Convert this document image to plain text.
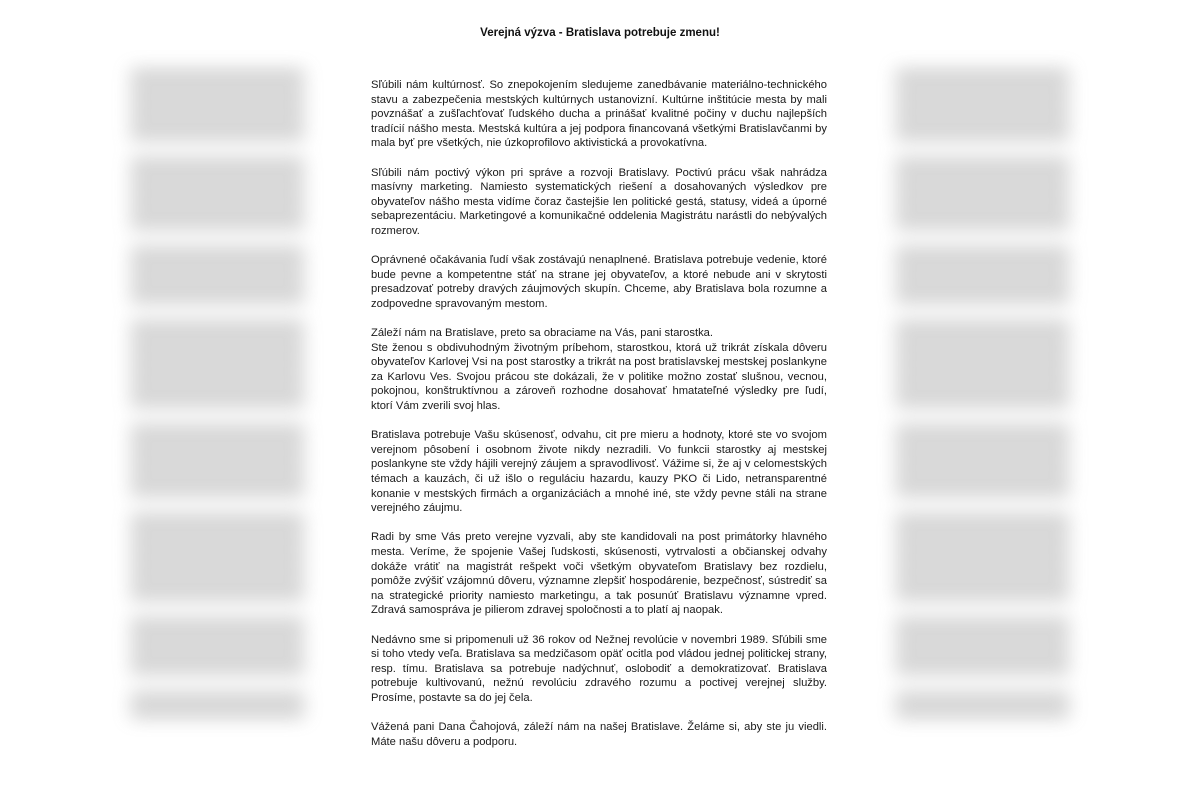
Verejná výzva - Bratislava potrebuje zmenu!

Sľúbili nám kultúrnosť. So znepokojením sledujeme zanedbávanie materiálno-technického stavu a zabezpečenia mestských kultúrnych ustanovizní. Kultúrne inštitúcie mesta by mali povznášať a zušľachťovať ľudského ducha a prinášať kvalitné počiny v duchu najlepších tradícií nášho mesta. Mestská kultúra a jej podpora financovaná všetkými Bratislavčanmi by mala byť pre všetkých, nie úzkoprofilovo aktivistická a provokatívna.

Sľúbili nám poctivý výkon pri správe a rozvoji Bratislavy. Poctivú prácu však nahrádza masívny marketing. Namiesto systematických riešení a dosahovaných výsledkov pre obyvateľov nášho mesta vidíme čoraz častejšie len politické gestá, statusy, videá a úporné sebaprezentáciu. Marketingové a komunikačné oddelenia Magistrátu narástli do nebývalých rozmerov.

Oprávnené očakávania ľudí však zostávajú nenaplnené. Bratislava potrebuje vedenie, ktoré bude pevne a kompetentne stáť na strane jej obyvateľov, a ktoré nebude ani v skrytosti presadzovať potreby dravých záujmových skupín. Chceme, aby Bratislava bola rozumne a zodpovedne spravovaným mestom.

Záleží nám na Bratislave, preto sa obraciame na Vás, pani starostka.

Ste ženou s obdivuhodným životným príbehom, starostkou, ktorá už trikrát získala dôveru obyvateľov Karlovej Vsi na post starostky a trikrát na post bratislavskej mestskej poslankyne za Karlovu Ves. Svojou prácou ste dokázali, že v politike možno zostať slušnou, vecnou, pokojnou, konštruktívnou a zároveň rozhodne dosahovať hmatateľné výsledky pre ľudí, ktorí Vám zverili svoj hlas.

Bratislava potrebuje Vašu skúsenosť, odvahu, cit pre mieru a hodnoty, ktoré ste vo svojom verejnom pôsobení i osobnom živote nikdy nezradili. Vo funkcii starostky aj mestskej poslankyne ste vždy hájili verejný záujem a spravodlivosť. Vážime si, že aj v celomestských témach a kauzách, či už išlo o reguláciu hazardu, kauzy PKO či Lido, netransparentné konanie v mestských firmách a organizáciách a mnohé iné, ste vždy pevne stáli na strane verejného záujmu.

Radi by sme Vás preto verejne vyzvali, aby ste kandidovali na post primátorky hlavného mesta. Veríme, že spojenie Vašej ľudskosti, skúsenosti, vytrvalosti a občianskej odvahy dokáže vrátiť na magistrát rešpekt voči všetkým obyvateľom Bratislavy bez rozdielu, pomôže zvýšiť vzájomnú dôveru, významne zlepšiť hospodárenie, bezpečnosť, sústrediť sa na strategické priority namiesto marketingu, a tak posunúť Bratislavu významne vpred. Zdravá samospráva je pilierom zdravej spoločnosti a to platí aj naopak.

Nedávno sme si pripomenuli už 36 rokov od Nežnej revolúcie v novembri 1989. Sľúbili sme si toho vtedy veľa. Bratislava sa medzičasom opäť ocitla pod vládou jednej politickej strany, resp. tímu. Bratislava sa potrebuje nadýchnuť, oslobodiť a demokratizovať. Bratislava potrebuje kultivovanú, nežnú revolúciu zdravého rozumu a poctivej verejnej služby. Prosíme, postavte sa do jej čela.

Vážená pani Dana Čahojová, záleží nám na našej Bratislave. Želáme si, aby ste ju viedli. Máte našu dôveru a podporu.
